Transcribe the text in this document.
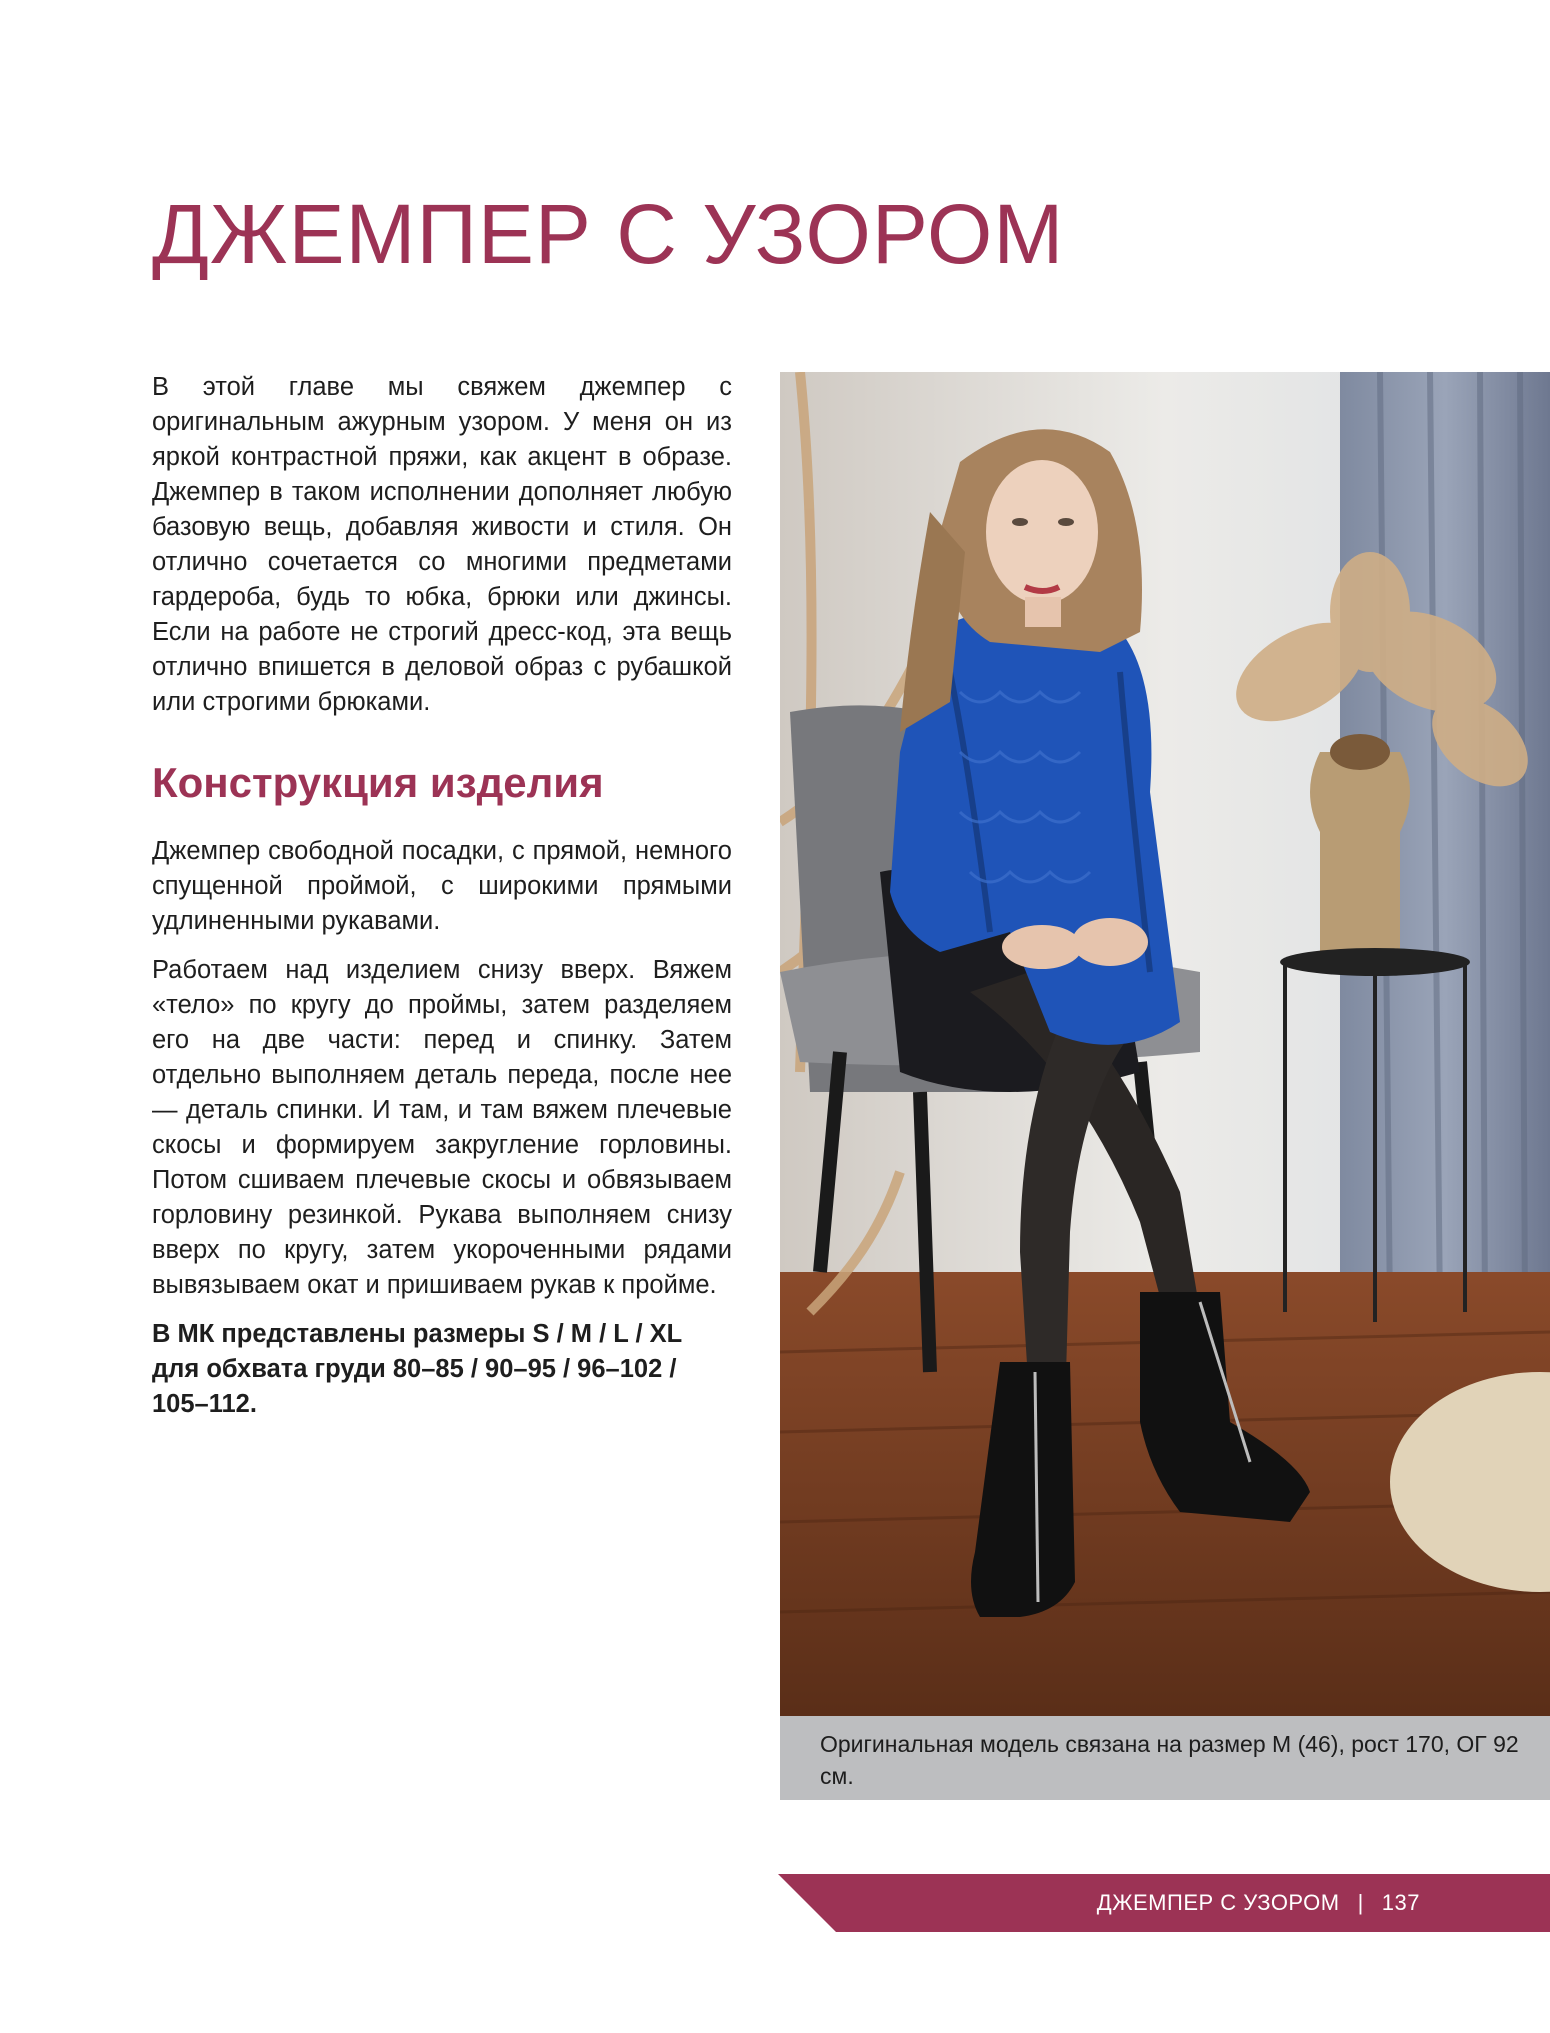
ДЖЕМПЕР С УЗОРОМ

В этой главе мы свяжем джемпер с оригинальным ажурным узором. У меня он из яркой контрастной пряжи, как акцент в образе. Джемпер в таком исполнении дополняет любую базовую вещь, добавляя живости и стиля. Он отлично сочетается со многими предметами гардероба, будь то юбка, брюки или джинсы. Если на работе не строгий дресс-код, эта вещь отлично впишется в деловой образ с рубашкой или строгими брюками.

Конструкция изделия

Джемпер свободной посадки, с прямой, немного спущенной проймой, с широкими прямыми удлиненными рукавами.

Работаем над изделием снизу вверх. Вяжем «тело» по кругу до проймы, затем разделяем его на две части: перед и спинку. Затем отдельно выполняем деталь переда, после нее — деталь спинки. И там, и там вяжем плечевые скосы и формируем закругление горловины. Потом сшиваем плечевые скосы и обвязываем горловину резинкой. Рукава выполняем снизу вверх по кругу, затем укороченными рядами вывязываем окат и пришиваем рукав к пройме.

В МК представлены размеры S / M / L / XL для обхвата груди 80–85 / 90–95 / 96–102 / 105–112.

Оригинальная модель связана на размер М (46), рост 170, ОГ 92 см.
ДЖЕМПЕР С УЗОРОМ | 137
